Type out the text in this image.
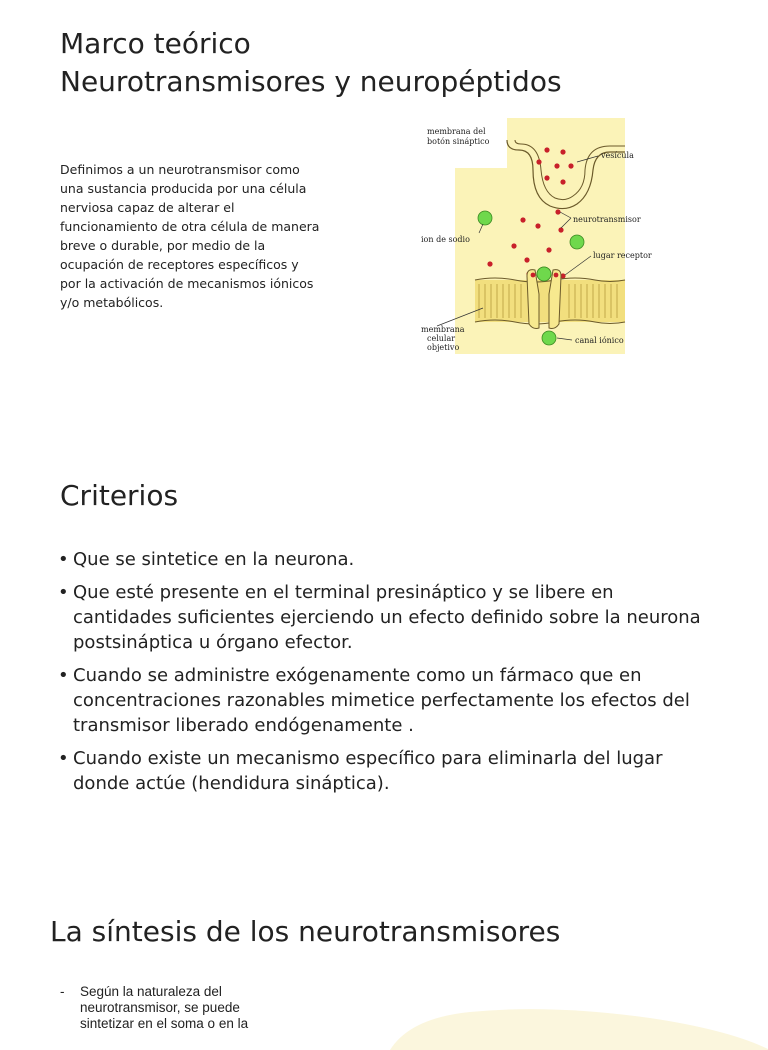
Marco teórico
Neurotransmisores y neuropéptidos

Definimos a un neurotransmisor como una sustancia producida por una célula nerviosa capaz de alterar el funcionamiento de otra célula de manera breve o durable, por medio de la ocupación de receptores específicos y por la activación de mecanismos iónicos y/o metabólicos.

membrana del
botón sináptico
vesícula
neurotransmisor
ion de sodio
lugar receptor
membrana
celular
objetivo
canal iónico
Criterios
• Que se sintetice en la neurona.
• Que esté presente en el terminal presináptico y se libere en cantidades suficientes ejerciendo un efecto definido sobre la neurona postsináptica u órgano efector.
• Cuando se administre exógenamente como un fármaco que en concentraciones razonables mimetice perfectamente los efectos del transmisor liberado endógenamente .
• Cuando existe un mecanismo específico para eliminarla del lugar donde actúe (hendidura sináptica).
La síntesis de los neurotransmisores
-	Según la naturaleza del neurotransmisor, se puede sintetizar en el soma o en la
